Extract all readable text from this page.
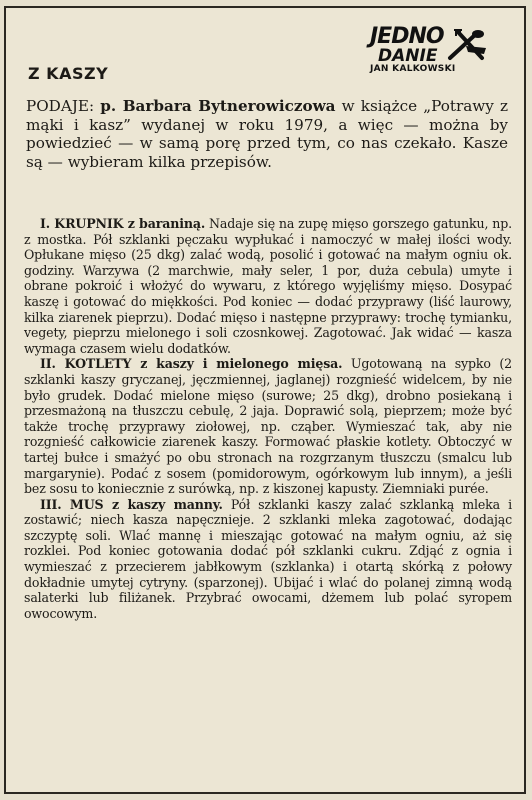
JEDNO
DANIE
JAN KALKOWSKI
Z KASZY
PODAJE: p. Barbara Bytnerowiczowa w książce „Potrawy z mąki i kasz” wydanej w roku 1979, a więc — można by powiedzieć — w samą porę przed tym, co nas czekało. Kasze są — wybieram kilka przepisów.

I. KRUPNIK z baraniną. Nadaje się na zupę mięso gorszego gatunku, np. z mostka. Pół szklanki pęczaku wypłukać i namoczyć w małej ilości wody. Opłukane mięso (25 dkg) zalać wodą, posolić i gotować na małym ogniu ok. godziny. Warzywa (2 marchwie, mały seler, 1 por, duża cebula) umyte i obrane pokroić i włożyć do wywaru, z którego wyjęliśmy mięso. Dosypać kaszę i gotować do miękkości. Pod koniec — dodać przyprawy (liść laurowy, kilka ziarenek pieprzu). Dodać mięso i następne przyprawy: trochę tymianku, vegety, pieprzu mielonego i soli czosnkowej. Zagotować. Jak widać — kasza wymaga czasem wielu dodatków.

II. KOTLETY z kaszy i mielonego mięsa. Ugotowaną na sypko (2 szklanki kaszy gryczanej, jęczmiennej, jaglanej) rozgnieść widelcem, by nie było grudek. Dodać mielone mięso (surowe; 25 dkg), drobno posiekaną i przesmażoną na tłuszczu cebulę, 2 jaja. Doprawić solą, pieprzem; może być także trochę przyprawy ziołowej, np. cząber. Wymieszać tak, aby nie rozgnieść całkowicie ziarenek kaszy. Formować płaskie kotlety. Obtoczyć w tartej bułce i smażyć po obu stronach na rozgrzanym tłuszczu (smalcu lub margarynie). Podać z sosem (pomidorowym, ogórkowym lub innym), a jeśli bez sosu to koniecznie z surówką, np. z kiszonej kapusty. Ziemniaki purée.

III. MUS z kaszy manny. Pół szklanki kaszy zalać szklanką mleka i zostawić; niech kasza napęcznieje. 2 szklanki mleka zagotować, dodając szczyptę soli. Wlać mannę i mieszając gotować na małym ogniu, aż się rozklei. Pod koniec gotowania dodać pół szklanki cukru. Zdjąć z ognia i wymieszać z przecierem jabłkowym (szklanka) i otartą skórką z połowy dokładnie umytej cytryny. (sparzonej). Ubijać i wlać do polanej zimną wodą salaterki lub filiżanek. Przybrać owocami, dżemem lub polać syropem owocowym.
